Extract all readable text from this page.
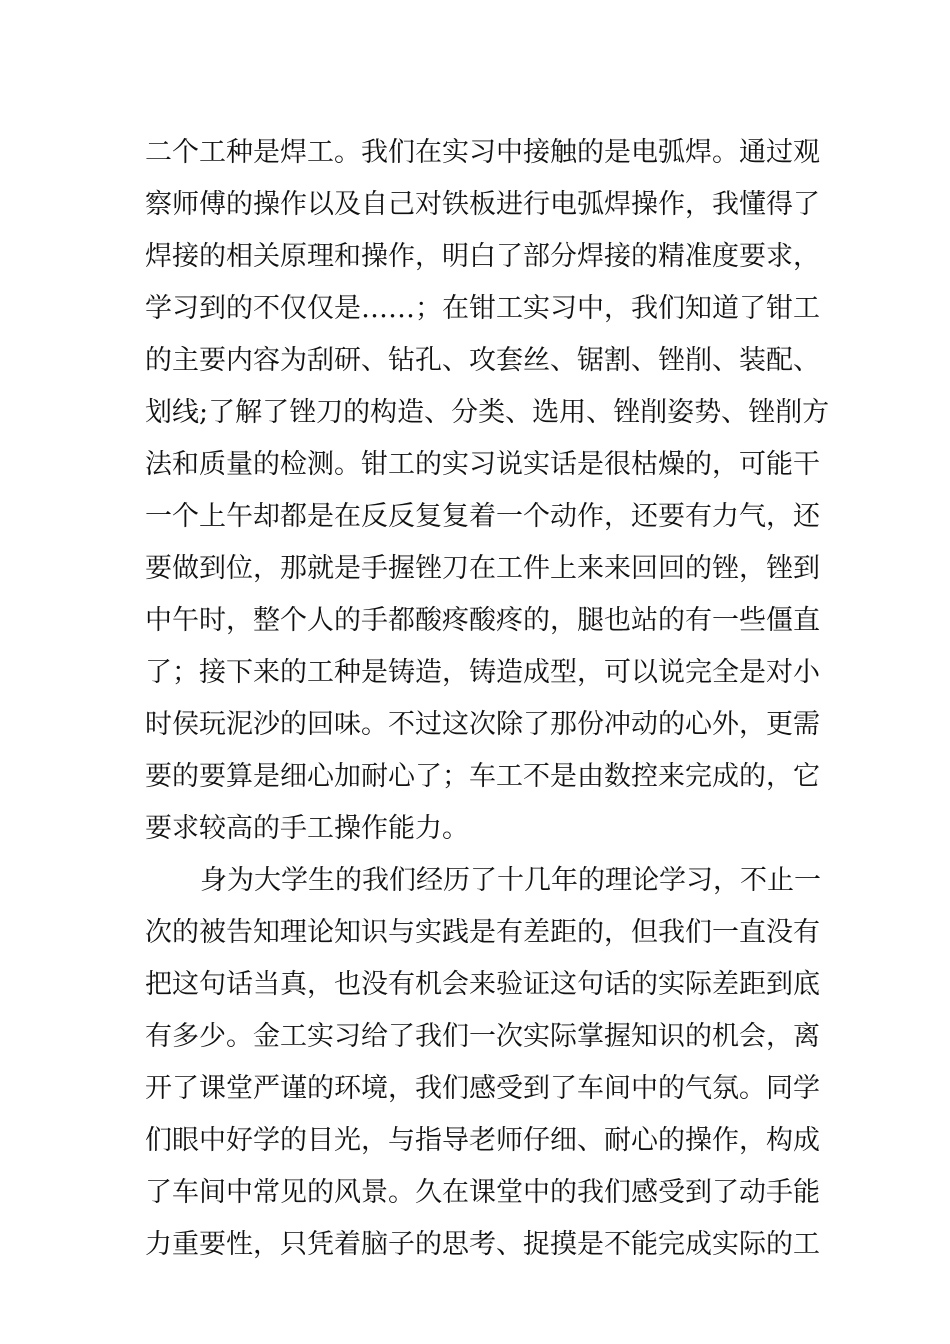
二个工种是焊工。我们在实习中接触的是电弧焊。通过观
察师傅的操作以及自己对铁板进行电弧焊操作，我懂得了
焊接的相关原理和操作，明白了部分焊接的精准度要求，
学习到的不仅仅是……；在钳工实习中，我们知道了钳工
的主要内容为刮研、钻孔、攻套丝、锯割、锉削、装配、
划线;了解了锉刀的构造、分类、选用、锉削姿势、锉削方
法和质量的检测。钳工的实习说实话是很枯燥的，可能干
一个上午却都是在反反复复着一个动作，还要有力气，还
要做到位，那就是手握锉刀在工件上来来回回的锉，锉到
中午时，整个人的手都酸疼酸疼的，腿也站的有一些僵直
了；接下来的工种是铸造，铸造成型，可以说完全是对小
时侯玩泥沙的回味。不过这次除了那份冲动的心外，更需
要的要算是细心加耐心了；车工不是由数控来完成的，它
要求较高的手工操作能力。
身为大学生的我们经历了十几年的理论学习，不止一
次的被告知理论知识与实践是有差距的，但我们一直没有
把这句话当真，也没有机会来验证这句话的实际差距到底
有多少。金工实习给了我们一次实际掌握知识的机会，离
开了课堂严谨的环境，我们感受到了车间中的气氛。同学
们眼中好学的目光，与指导老师仔细、耐心的操作，构成
了车间中常见的风景。久在课堂中的我们感受到了动手能
力重要性，只凭着脑子的思考、捉摸是不能完成实际的工
